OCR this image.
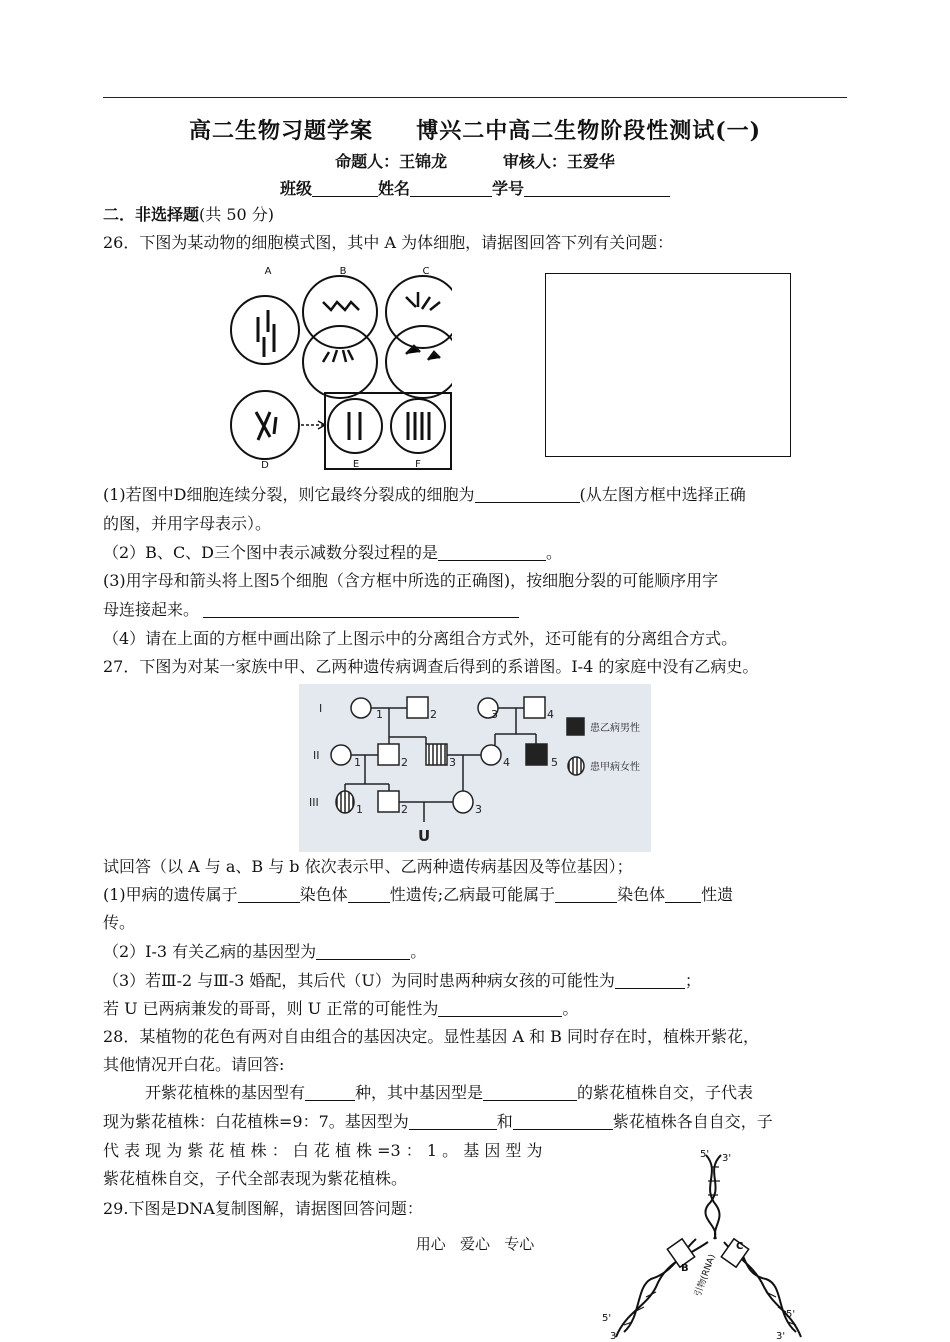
高二生物习题学案     博兴二中高二生物阶段性测试(一)
命题人：王锦龙          审核人：王爱华
班级	姓名	学号
二．非选择题(共 50 分)
26．下图为某动物的细胞模式图，其中 A 为体细胞，请据图回答下列有关问题：
A	B	C
D	E	F
(1)若图中D细胞连续分裂，则它最终分裂成的细胞为	(从左图方框中选择正确
的图，并用字母表示）。
（2）B、C、D三个图中表示减数分裂过程的是	。
(3)用字母和箭头将上图5个细胞（含方框中所选的正确图)，按细胞分裂的可能顺序用字
母连接起来。
（4）请在上面的方框中画出除了上图示中的分离组合方式外，还可能有的分离组合方式。
27．下图为对某一家族中甲、乙两种遗传病调查后得到的系谱图。I-4 的家庭中没有乙病史。
I
II
III
1	2	3	4
1	2	3	4	5
1	2	3
U
患乙病男性
患甲病女性
试回答（以 A 与 a、B 与 b 依次表示甲、乙两种遗传病基因及等位基因）；
(1)甲病的遗传属于	染色体	性遗传;乙病最可能属于	染色体 性遗
传。
（2）I-3 有关乙病的基因型为	。
（3）若Ⅲ-2 与Ⅲ-3 婚配，其后代（U）为同时患两种病女孩的可能性为	；
若 U 已两病兼发的哥哥，则 U 正常的可能性为	。
28．某植物的花色有两对自由组合的基因决定。显性基因 A 和 B 同时存在时，植株开紫花，
其他情况开白花。请回答:
开紫花植株的基因型有	种，其中基因型是	的紫花植株自交，子代表
现为紫花植株：白花植株=9：7。基因型为	和	紫花植株各自自交，子
代 表 现 为 紫 花 植 株 ： 白 花 植 株 =3 ： 1 。 基 因 型 为
紫花植株自交，子代全部表现为紫花植株。
29.下图是DNA复制图解，请据图回答问题：
5' 3'
B
C
引物(RNA)
5'
3'
5'
3'
用心   爱心   专心
